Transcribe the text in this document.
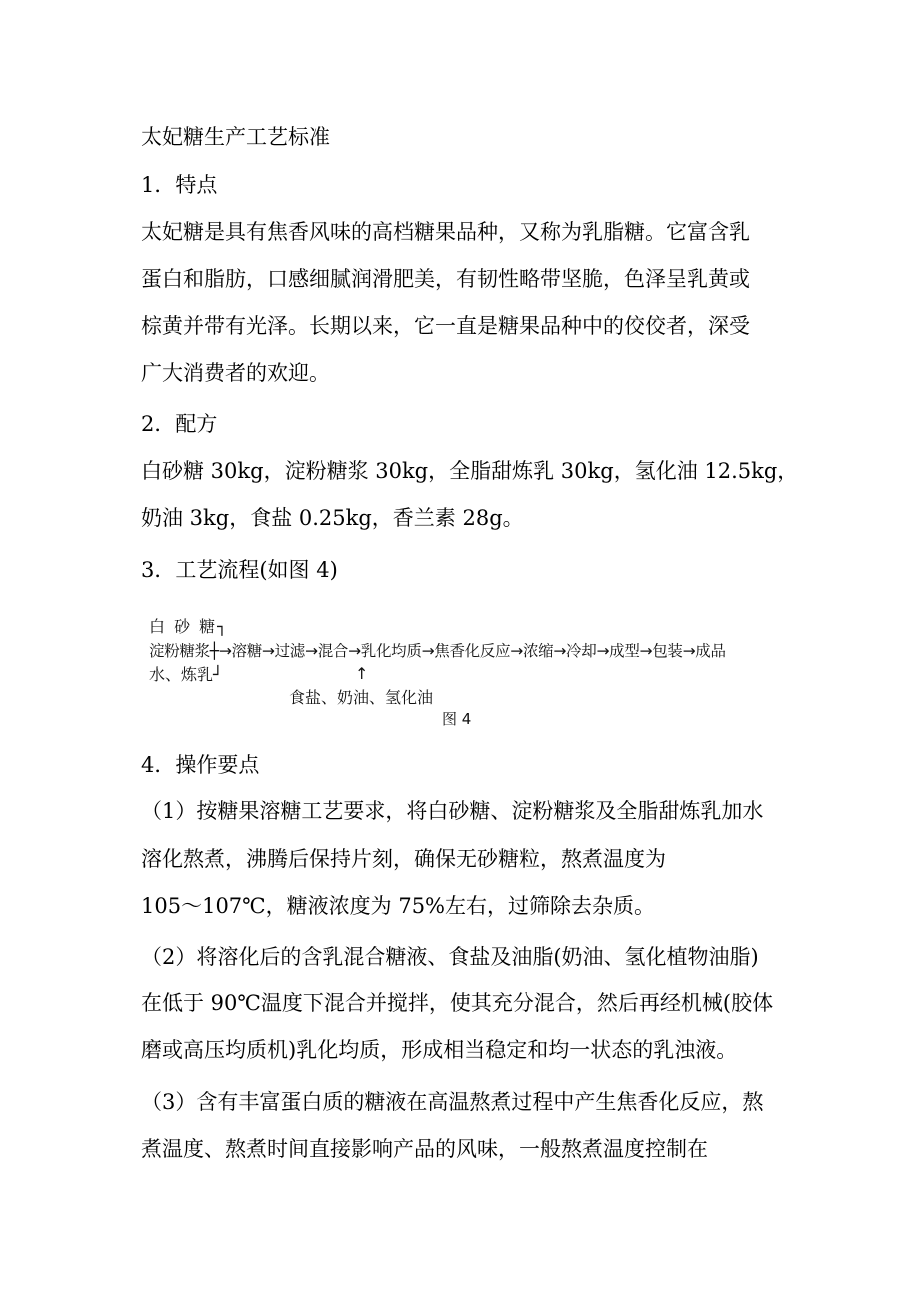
太妃糖生产工艺标准
1．特点
太妃糖是具有焦香风味的高档糖果品种，又称为乳脂糖。它富含乳
蛋白和脂肪，口感细腻润滑肥美，有韧性略带坚脆，色泽呈乳黄或
棕黄并带有光泽。长期以来，它一直是糖果品种中的佼佼者，深受
广大消费者的欢迎。
2．配方
白砂糖 30kg，淀粉糖浆 30kg，全脂甜炼乳 30kg，氢化油 12.5kg，
奶油 3kg，食盐 0.25kg，香兰素 28g。
3．工艺流程(如图 4)
白 砂 糖┐
淀粉糖浆┼→溶糖→过滤→混合→乳化均质→焦香化反应→浓缩→冷却→成型→包装→成品
水、炼乳┘	↑
食盐、奶油、氢化油
图 4
4．操作要点
（1）按糖果溶糖工艺要求，将白砂糖、淀粉糖浆及全脂甜炼乳加水
溶化熬煮，沸腾后保持片刻，确保无砂糖粒，熬煮温度为
105～107℃，糖液浓度为 75%左右，过筛除去杂质。
（2）将溶化后的含乳混合糖液、食盐及油脂(奶油、氢化植物油脂)
在低于 90℃温度下混合并搅拌，使其充分混合，然后再经机械(胶体
磨或高压均质机)乳化均质，形成相当稳定和均一状态的乳浊液。
（3）含有丰富蛋白质的糖液在高温熬煮过程中产生焦香化反应，熬
煮温度、熬煮时间直接影响产品的风味，一般熬煮温度控制在
